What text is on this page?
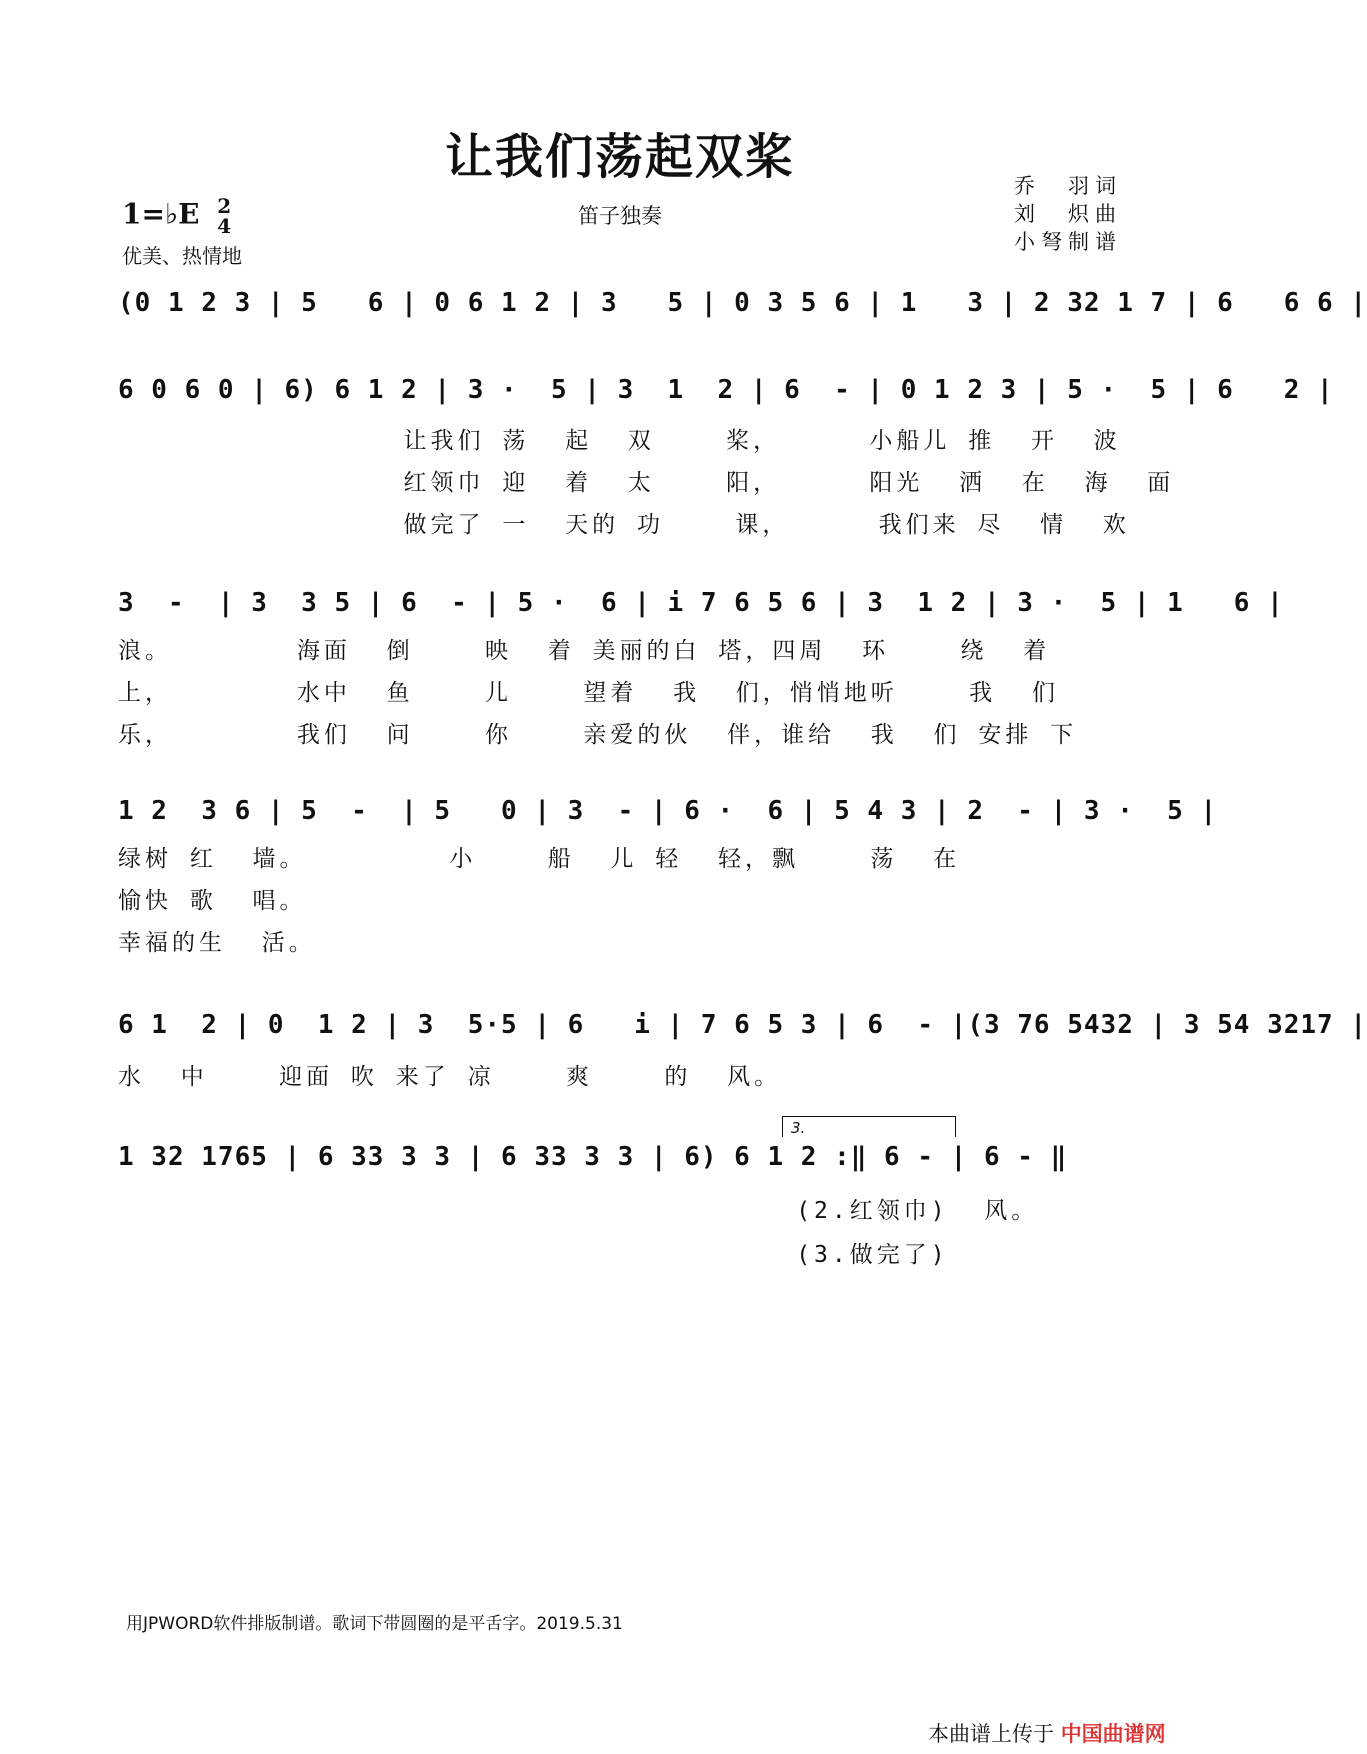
让我们荡起双桨
1=♭E 2
4
优美、热情地
笛子独奏
乔　羽词
刘　炽曲
小弩制谱
(0 1 2 3 | 5   6 | 0 6 1 2 | 3   5 | 0 3 5 6 | 1   3 | 2 32 1 7 | 6   6 6 |
6 0 6 0 | 6) 6 1 2 | 3 ·  5 | 3  1  2 | 6  - | 0 1 2 3 | 5 ·  5 | 6   2 |
让我们 荡  起  双    桨，     小船儿 推  开  波
红领巾 迎  着  太    阳，     阳光  洒  在  海  面
做完了 一  天的 功    课，     我们来 尽  情  欢
3  -  | 3  3 5 | 6  - | 5 ·  6 | i 7 6 5 6 | 3  1 2 | 3 ·  5 | 1   6 |
浪。       海面  倒    映  着 美丽的白 塔，四周  环    绕  着
上，       水中  鱼    儿    望着  我  们，悄悄地听    我  们
乐，       我们  问    你    亲爱的伙  伴，谁给  我  们 安排 下
1 2  3 6 | 5  -  | 5   0 | 3  - | 6 ·  6 | 5 4 3 | 2  - | 3 ·  5 |
绿树 红  墙。        小    船  儿 轻  轻，飘    荡  在
愉快 歌  唱。
幸福的生  活。
6 1  2 | 0  1 2 | 3  5·5 | 6   i | 7 6 5 3 | 6  - |(3 76 5432 | 3 54 3217 |
水  中    迎面 吹 来了 凉    爽    的  风。
3.
1 32 1765 | 6 33 3 3 | 6 33 3 3 | 6) 6 1 2 :‖ 6 - | 6 - ‖
(2.红领巾)  风。
(3.做完了)
用JPWORD软件排版制谱。歌词下带圆圈的是平舌字。2019.5.31
本曲谱上传于 中国曲谱网
